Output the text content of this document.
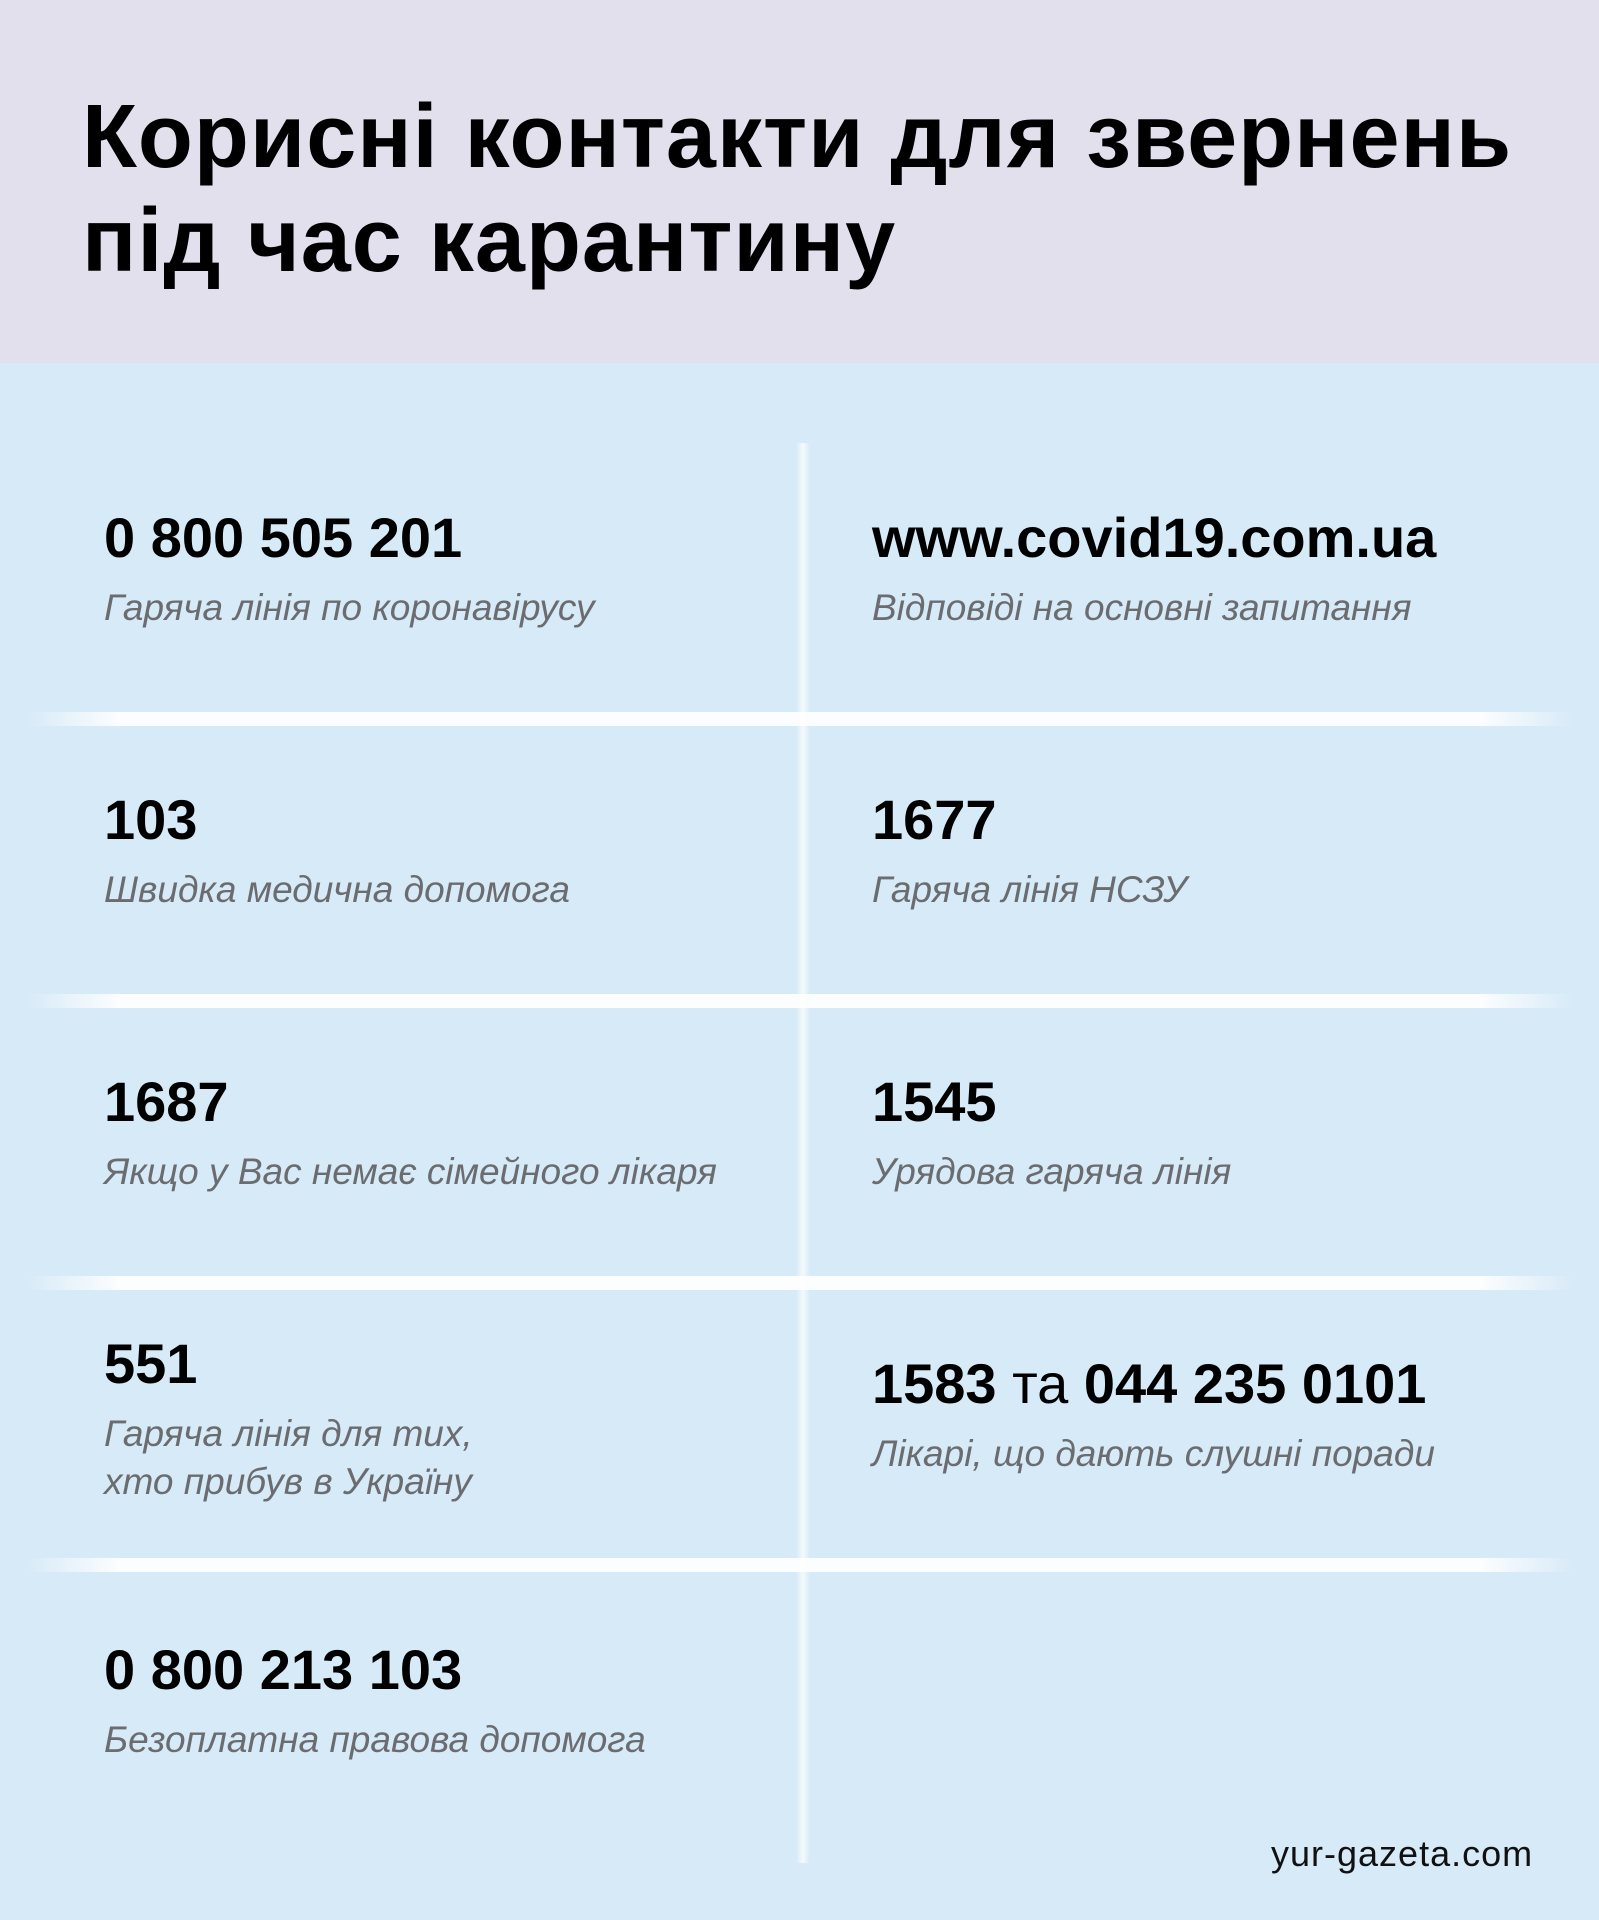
Корисні контакти для звернень
під час карантину
0 800 505 201
Гаряча лінія по коронавірусу
www.covid19.com.ua
Відповіді на основні запитання
103
Швидка медична допомога
1677
Гаряча лінія НСЗУ
1687
Якщо у Вас немає сімейного лікаря
1545
Урядова гаряча лінія
551
Гаряча лінія для тих,
хто прибув в Україну
1583 та 044 235 0101
Лікарі, що дають слушні поради
0 800 213 103
Безоплатна правова допомога
yur-gazeta.com
